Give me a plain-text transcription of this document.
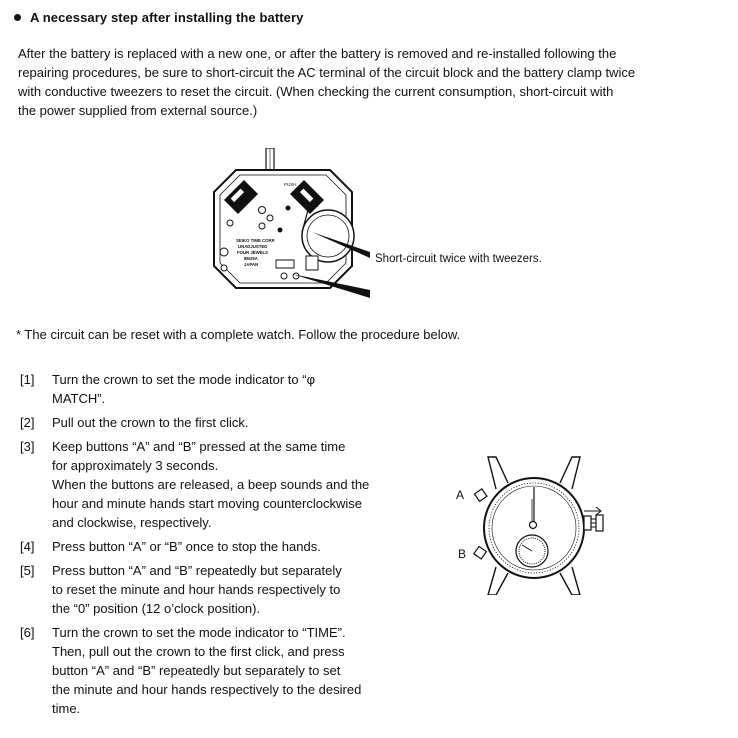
A necessary step after installing the battery
After the battery is replaced with a new one, or after the battery is removed and re-installed following the
repairing procedures, be sure to short-circuit the AC terminal of the circuit block and the battery clamp twice
with conductive tweezers to reset the circuit. (When checking the current consumption, short-circuit with
the power supplied from external source.)
PUSH
SEIKO TIME CORP.
UNADJUSTED
FOUR JEWELS
8M25A
JAPAN	Short-circuit twice with tweezers.
* The circuit can be reset with a complete watch. Follow the procedure below.
[1] Turn the crown to set the mode indicator to “φ
MATCH”.
[2] Pull out the crown to the first click.
[3] Keep buttons “A” and “B” pressed at the same time
for approximately 3 seconds.
When the buttons are released, a beep sounds and the
hour and minute hands start moving counterclockwise
and clockwise, respectively.
[4] Press button “A” or “B” once to stop the hands.
[5] Press button “A” and “B” repeatedly but separately
to reset the minute and hour hands respectively to
the “0” position (12 o’clock position).
[6] Turn the crown to set the mode indicator to “TIME”.
Then, pull out the crown to the first click, and press
button “A” and “B” repeatedly but separately to set
the minute and hour hands respectively to the desired
time.
A
B
